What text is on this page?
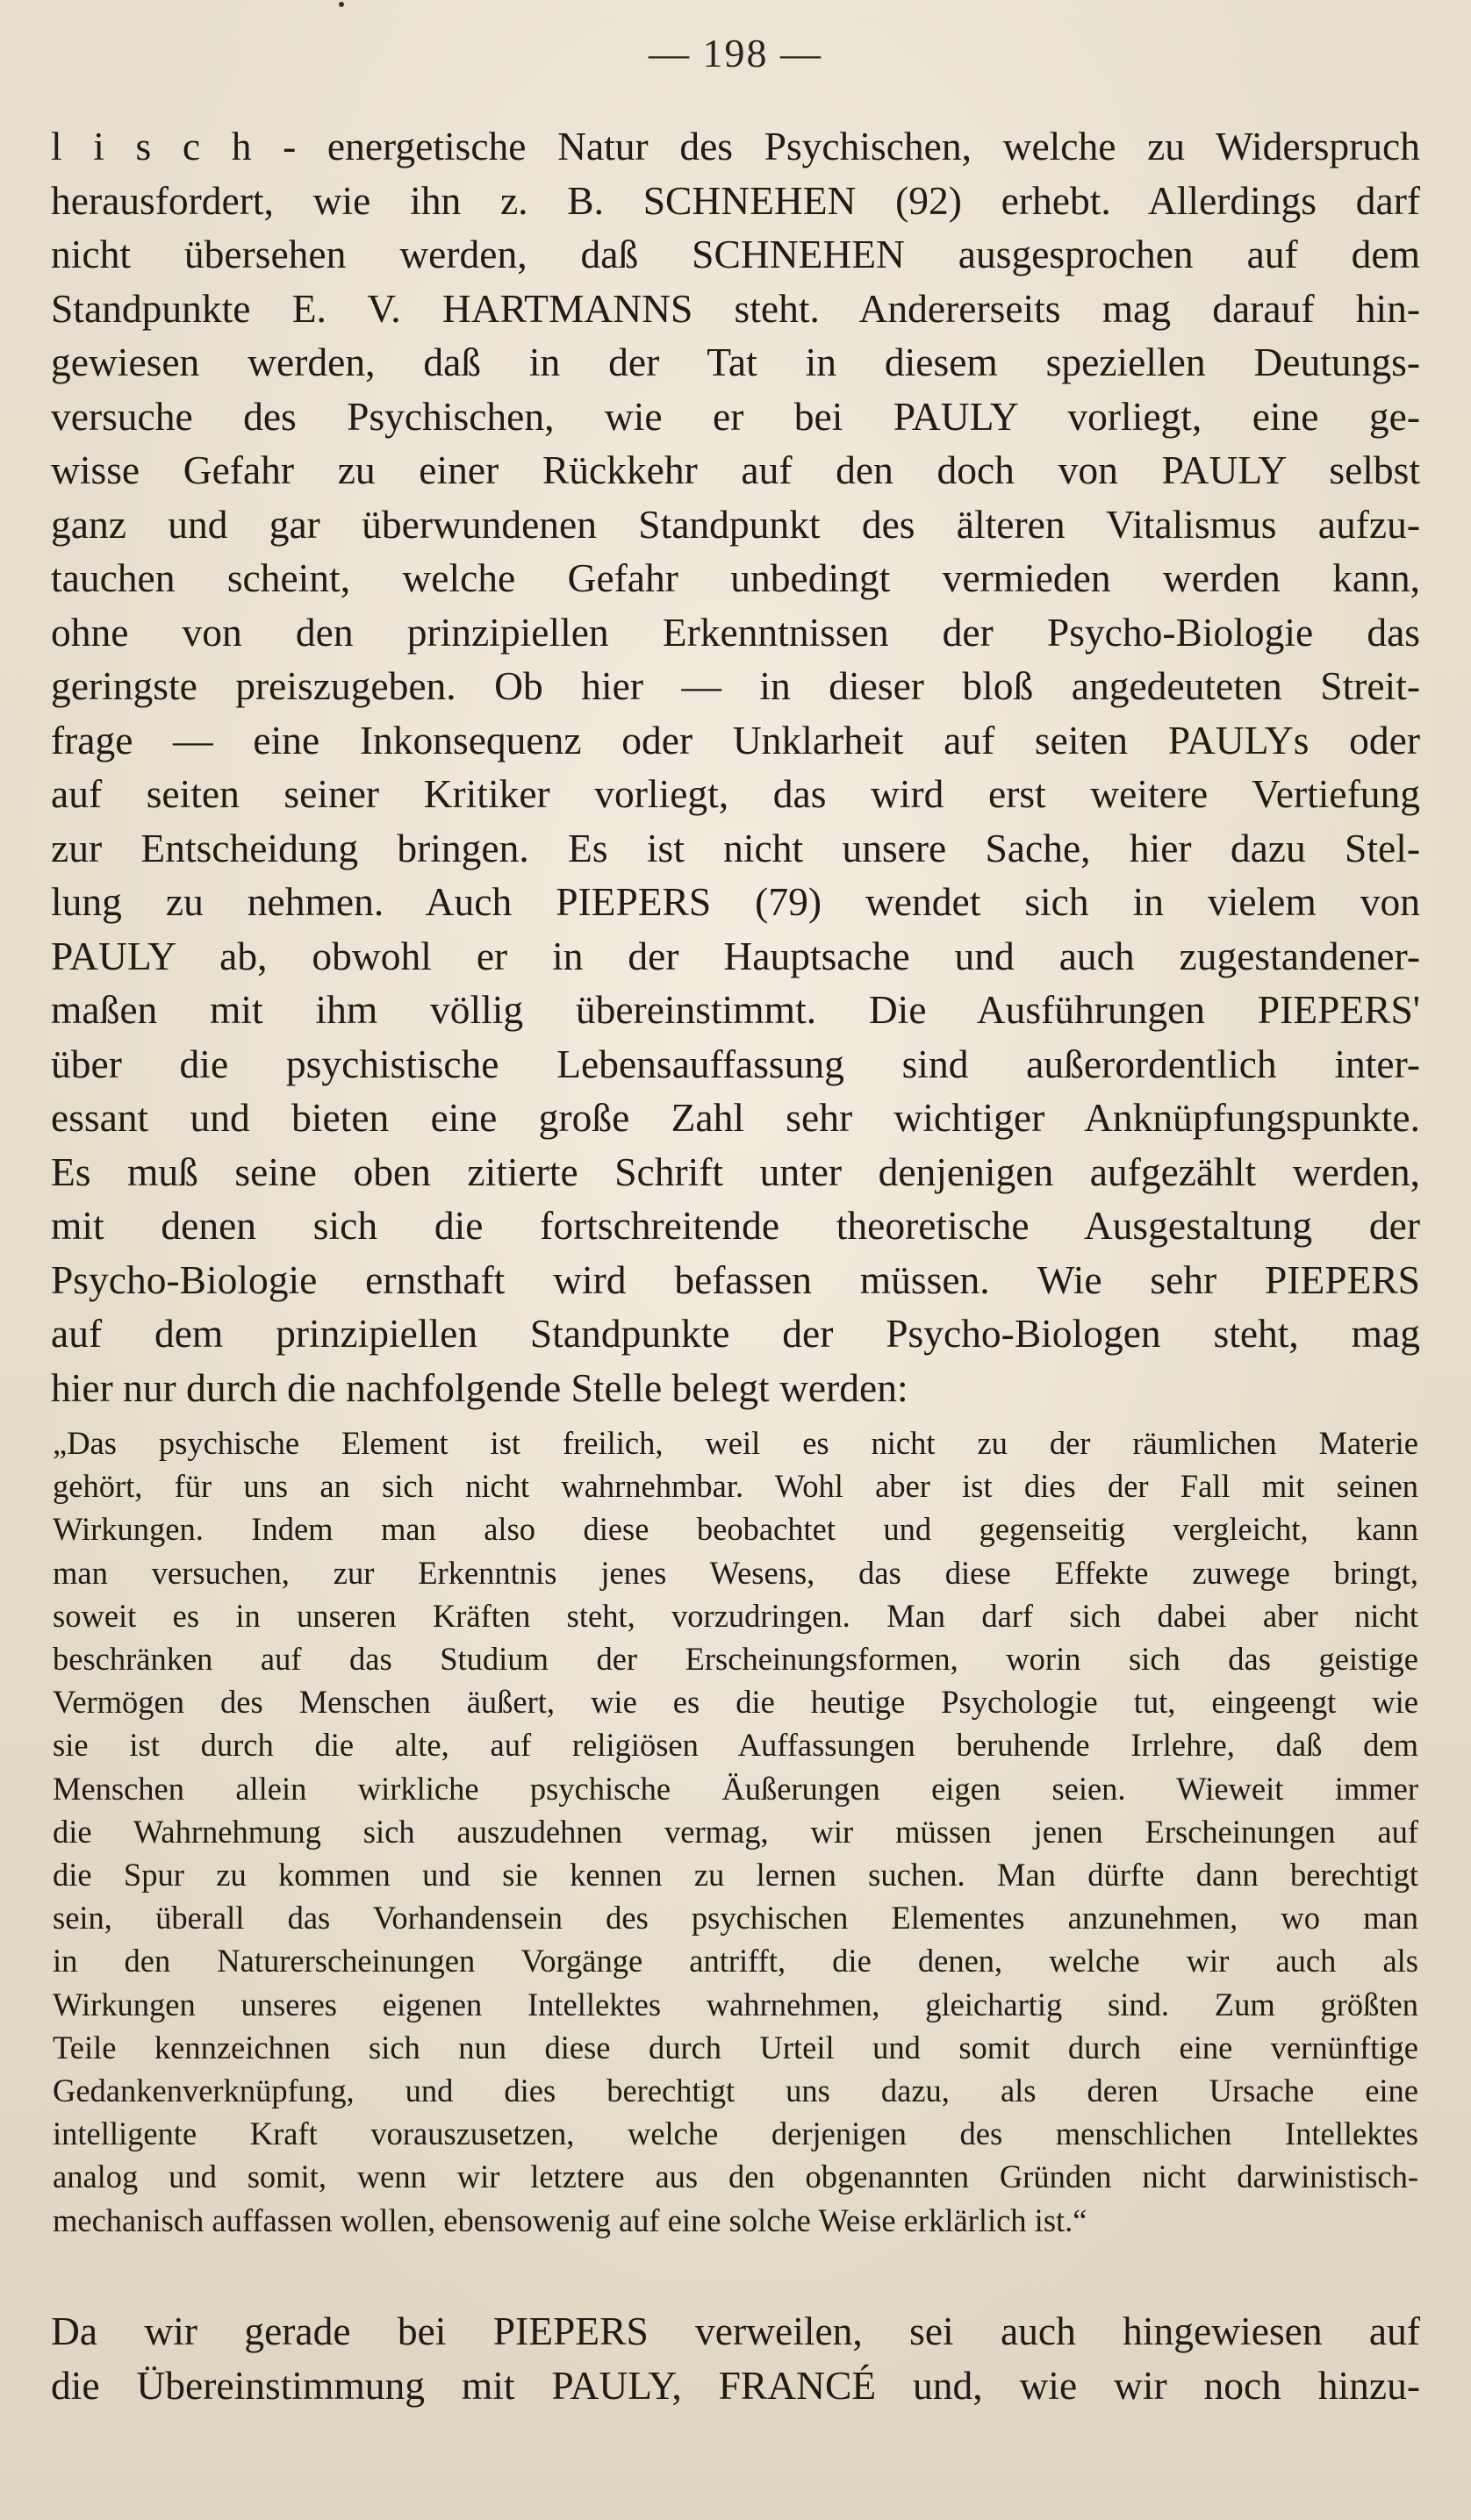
— 198 —

l i s c h - energetische Natur des Psychischen, welche zu Widerspruch

herausfordert, wie ihn z. B. SCHNEHEN (92) erhebt. Allerdings darf

nicht übersehen werden, daß SCHNEHEN ausgesprochen auf dem

Standpunkte E. V. HARTMANNS steht. Andererseits mag darauf hin-

gewiesen werden, daß in der Tat in diesem speziellen Deutungs-

versuche des Psychischen, wie er bei PAULY vorliegt, eine ge-

wisse Gefahr zu einer Rückkehr auf den doch von PAULY selbst

ganz und gar überwundenen Standpunkt des älteren Vitalismus aufzu-

tauchen scheint, welche Gefahr unbedingt vermieden werden kann,

ohne von den prinzipiellen Erkenntnissen der Psycho-Biologie das

geringste preiszugeben. Ob hier — in dieser bloß angedeuteten Streit-

frage — eine Inkonsequenz oder Unklarheit auf seiten PAULYs oder

auf seiten seiner Kritiker vorliegt, das wird erst weitere Vertiefung

zur Entscheidung bringen. Es ist nicht unsere Sache, hier dazu Stel-

lung zu nehmen. Auch PIEPERS (79) wendet sich in vielem von

PAULY ab, obwohl er in der Hauptsache und auch zugestandener-

maßen mit ihm völlig übereinstimmt. Die Ausführungen PIEPERS'

über die psychistische Lebensauffassung sind außerordentlich inter-

essant und bieten eine große Zahl sehr wichtiger Anknüpfungspunkte.

Es muß seine oben zitierte Schrift unter denjenigen aufgezählt werden,

mit denen sich die fortschreitende theoretische Ausgestaltung der

Psycho-Biologie ernsthaft wird befassen müssen. Wie sehr PIEPERS

auf dem prinzipiellen Standpunkte der Psycho-Biologen steht, mag

hier nur durch die nachfolgende Stelle belegt werden:

„Das psychische Element ist freilich, weil es nicht zu der räumlichen Materie

gehört, für uns an sich nicht wahrnehmbar. Wohl aber ist dies der Fall mit seinen

Wirkungen. Indem man also diese beobachtet und gegenseitig vergleicht, kann

man versuchen, zur Erkenntnis jenes Wesens, das diese Effekte zuwege bringt,

soweit es in unseren Kräften steht, vorzudringen. Man darf sich dabei aber nicht

beschränken auf das Studium der Erscheinungsformen, worin sich das geistige

Vermögen des Menschen äußert, wie es die heutige Psychologie tut, eingeengt wie

sie ist durch die alte, auf religiösen Auffassungen beruhende Irrlehre, daß dem

Menschen allein wirkliche psychische Äußerungen eigen seien. Wieweit immer

die Wahrnehmung sich auszudehnen vermag, wir müssen jenen Erscheinungen auf

die Spur zu kommen und sie kennen zu lernen suchen. Man dürfte dann berechtigt

sein, überall das Vorhandensein des psychischen Elementes anzunehmen, wo man

in den Naturerscheinungen Vorgänge antrifft, die denen, welche wir auch als

Wirkungen unseres eigenen Intellektes wahrnehmen, gleichartig sind. Zum größten

Teile kennzeichnen sich nun diese durch Urteil und somit durch eine vernünftige

Gedankenverknüpfung, und dies berechtigt uns dazu, als deren Ursache eine

intelligente Kraft vorauszusetzen, welche derjenigen des menschlichen Intellektes

analog und somit, wenn wir letztere aus den obgenannten Gründen nicht darwinistisch-

mechanisch auffassen wollen, ebensowenig auf eine solche Weise erklärlich ist.“

Da wir gerade bei PIEPERS verweilen, sei auch hingewiesen auf

die Übereinstimmung mit PAULY, FRANCÉ und, wie wir noch hinzu-
